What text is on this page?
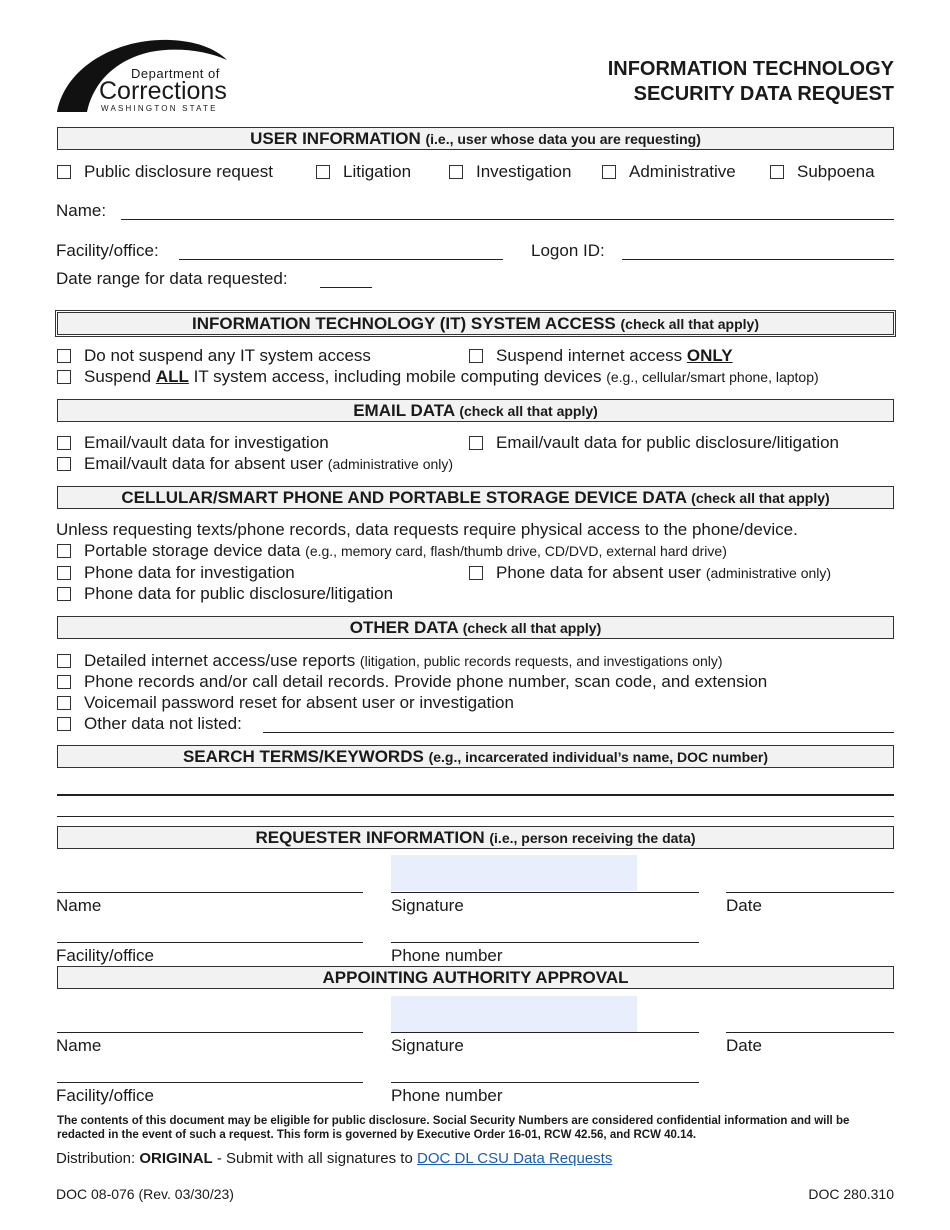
Department of
Corrections
WASHINGTON STATE
INFORMATION TECHNOLOGY
SECURITY DATA REQUEST
USER INFORMATION (i.e., user whose data you are requesting)
Public disclosure request	Litigation	Investigation	Administrative	Subpoena
Name:
Facility/office:	Logon ID:
Date range for data requested:
INFORMATION TECHNOLOGY (IT) SYSTEM ACCESS (check all that apply)
Do not suspend any IT system access	Suspend internet access ONLY
Suspend ALL IT system access, including mobile computing devices (e.g., cellular/smart phone, laptop)
EMAIL DATA (check all that apply)
Email/vault data for investigation	Email/vault data for public disclosure/litigation
Email/vault data for absent user (administrative only)
CELLULAR/SMART PHONE AND PORTABLE STORAGE DEVICE DATA (check all that apply)
Unless requesting texts/phone records, data requests require physical access to the phone/device.
Portable storage device data (e.g., memory card, flash/thumb drive, CD/DVD, external hard drive)
Phone data for investigation	Phone data for absent user (administrative only)
Phone data for public disclosure/litigation
OTHER DATA (check all that apply)
Detailed internet access/use reports (litigation, public records requests, and investigations only)
Phone records and/or call detail records. Provide phone number, scan code, and extension
Voicemail password reset for absent user or investigation
Other data not listed:
SEARCH TERMS/KEYWORDS (e.g., incarcerated individual’s name, DOC number)
REQUESTER INFORMATION (i.e., person receiving the data)
Name	Signature	Date
Facility/office	Phone number
APPOINTING AUTHORITY APPROVAL
Name	Signature	Date
Facility/office	Phone number
The contents of this document may be eligible for public disclosure. Social Security Numbers are considered confidential information and will be redacted in the event of such a request. This form is governed by Executive Order 16-01, RCW 42.56, and RCW 40.14.
Distribution: ORIGINAL - Submit with all signatures to DOC DL CSU Data Requests
DOC 08-076 (Rev. 03/30/23)	DOC 280.310
